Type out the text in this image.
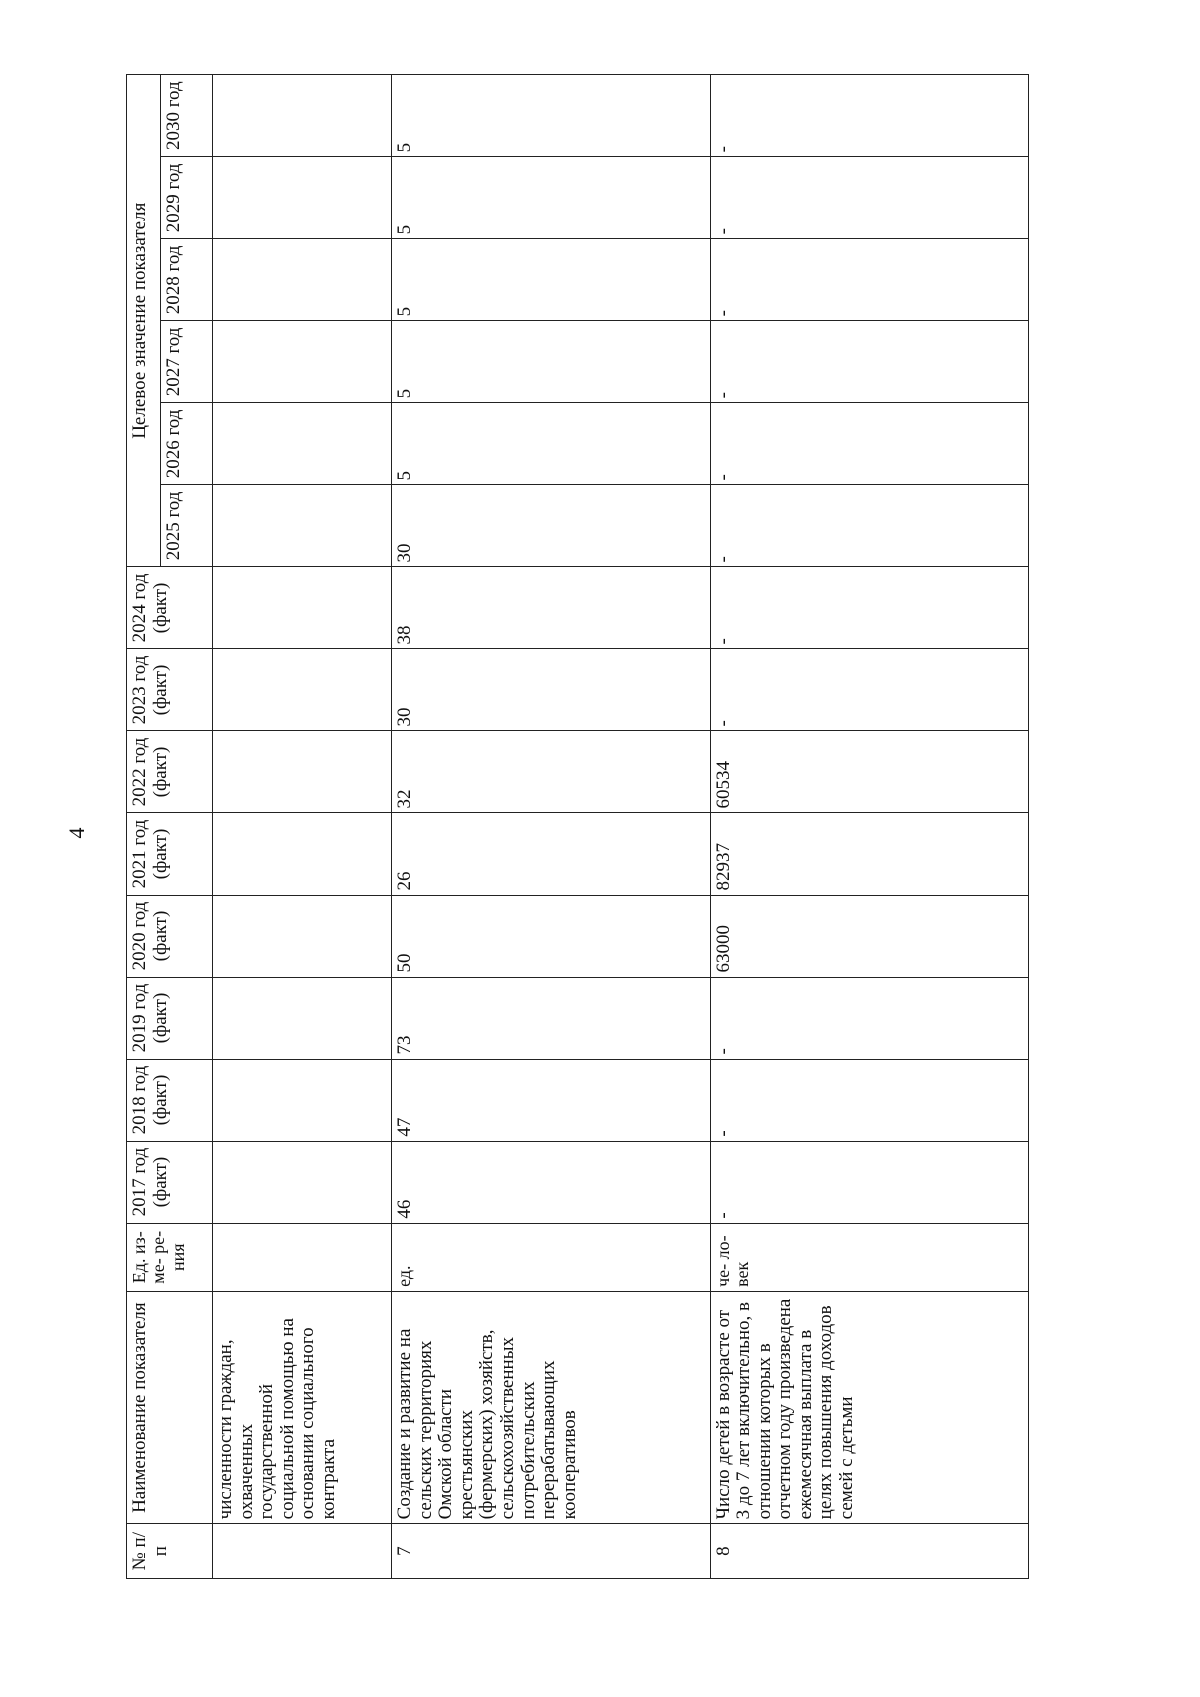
4
№ п/п	Наименование показателя	Ед. из- ме- ре- ния	2017 год (факт)	2018 год (факт)	2019 год (факт)	2020 год (факт)	2021 год (факт)	2022 год (факт)	2023 год (факт)	2024 год (факт)	Целевое значение показателя					
											2025 год	2026 год	2027 год	2028 год	2029 год	2030 год
	численности граждан, охваченных государственной социальной помощью на основании социального контракта															
7	Создание и развитие на сельских территориях Омской области крестьянских (фермерских) хозяйств, сельскохозяйственных потребительских перерабатывающих кооперативов	ед.	46	47	73	50	26	32	30	38	30	5	5	5	5	5
8	Число детей в возрасте от 3 до 7 лет включительно, в отношении которых в отчетном году произведена ежемесячная выплата в целях повышения доходов семей с детьми	че- ло- век	-	-	-	63000	82937	60534	-	-	-	-	-	-	-	-
